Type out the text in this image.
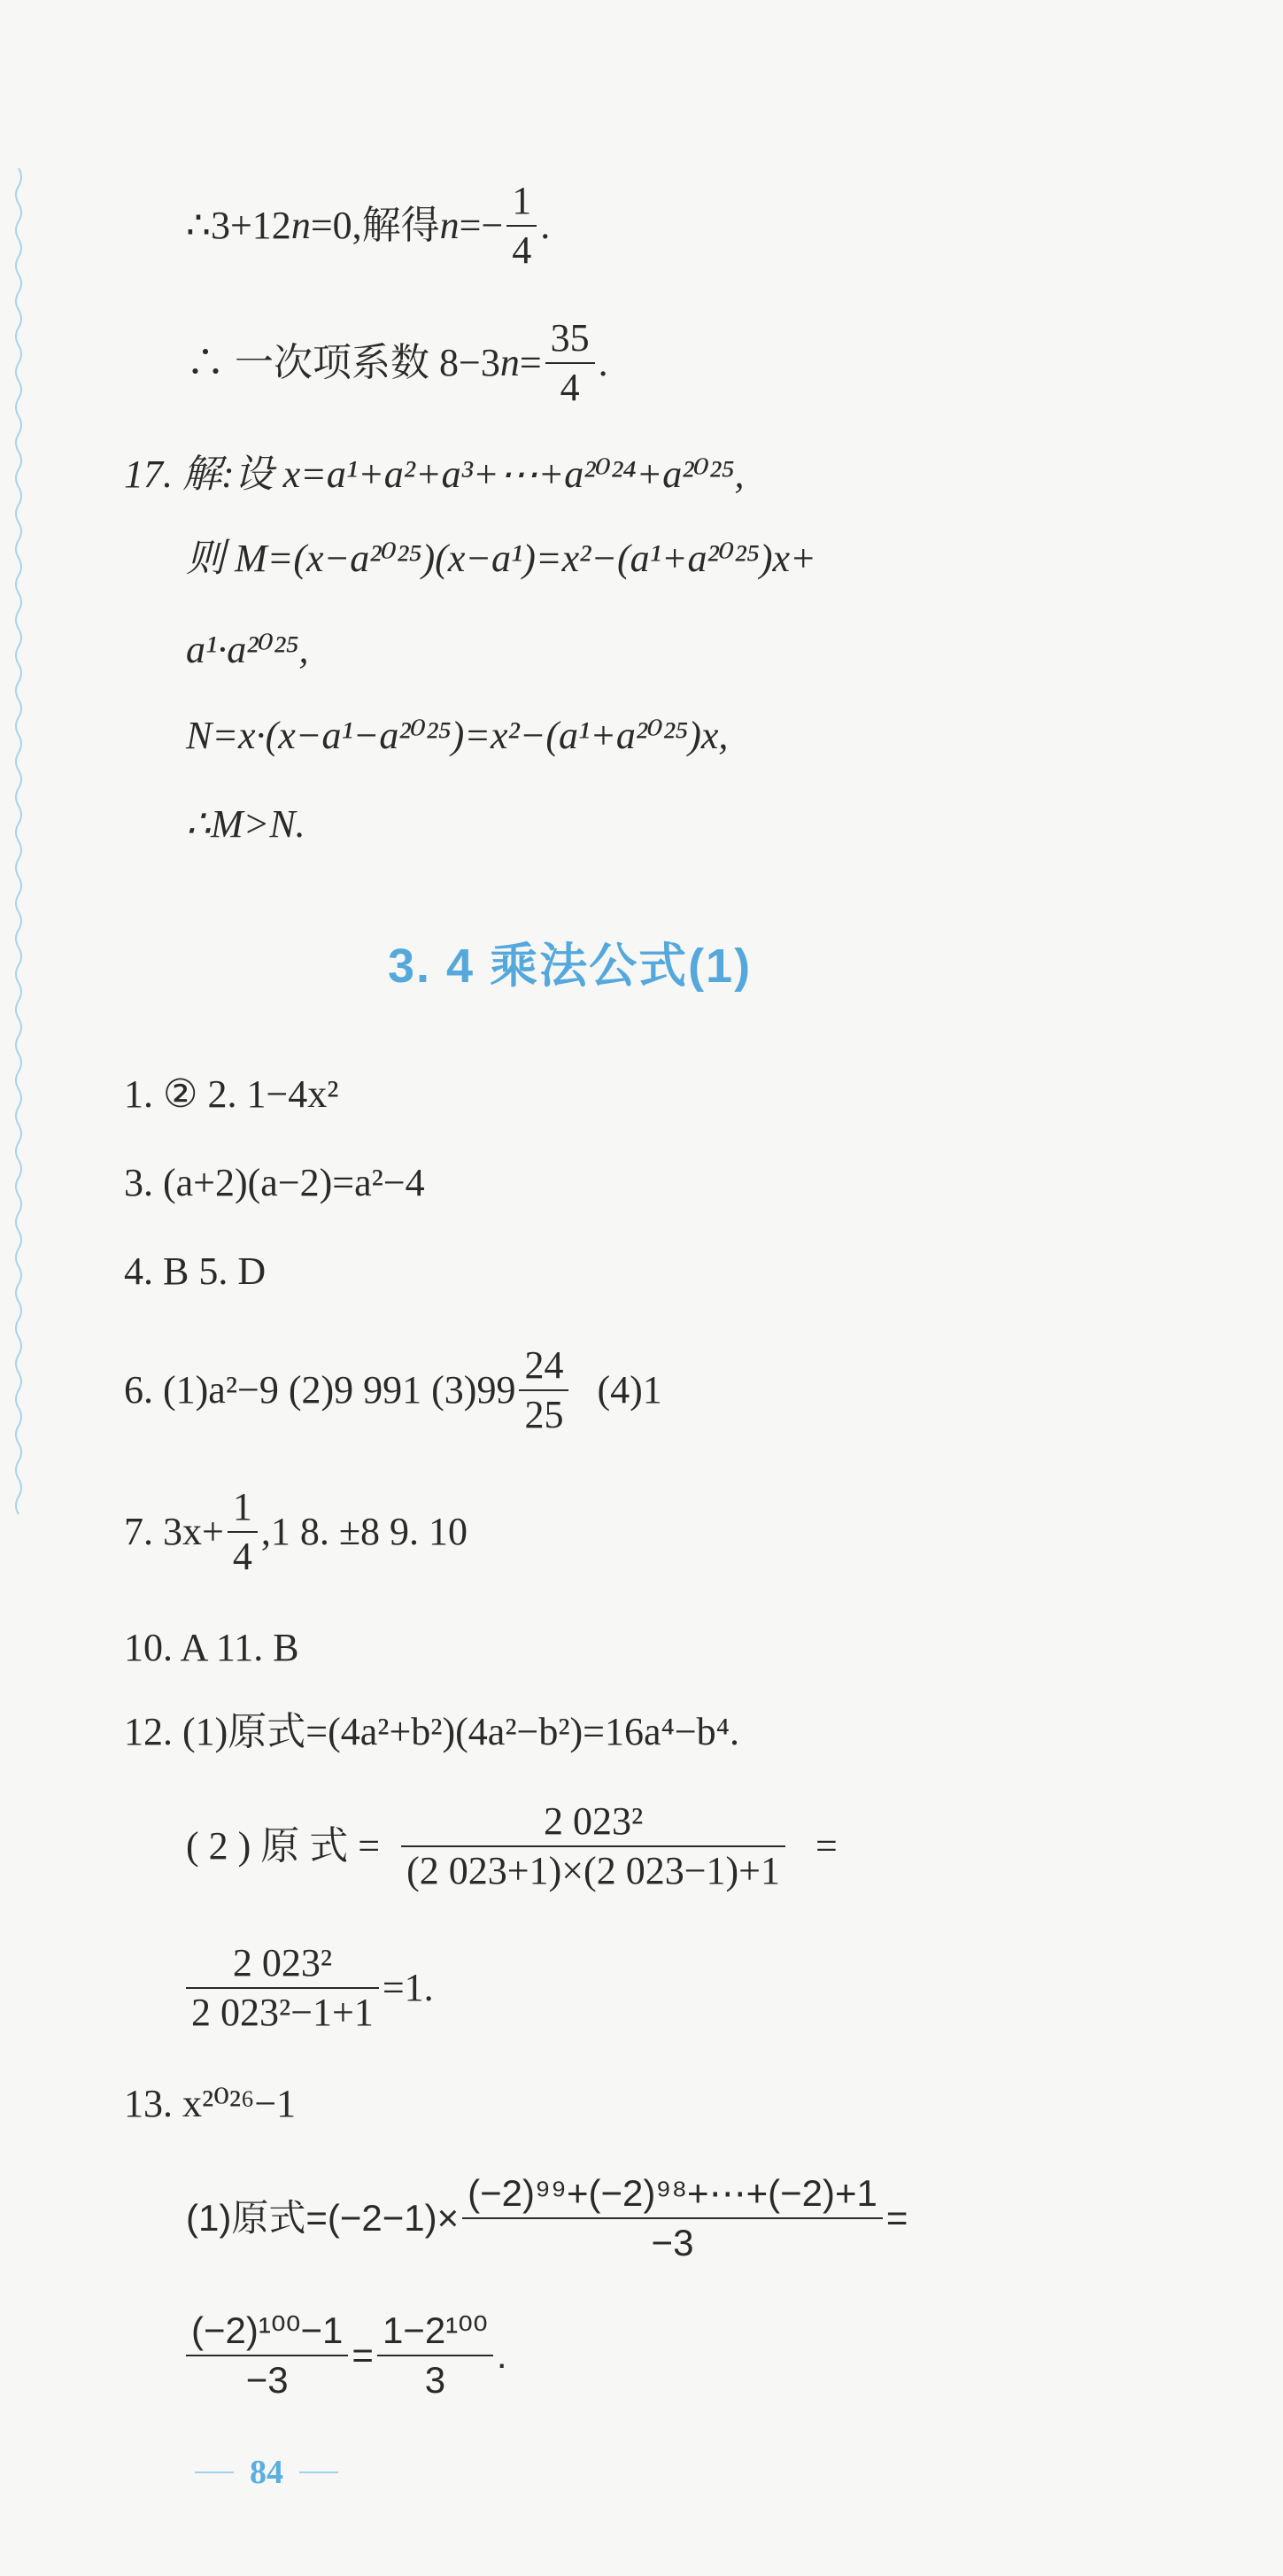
∴3+12 n =0,解得 $n =- \frac{1}{4}$ .
∴ 一次项系数 8−3 $n = \frac{35}{4}$ .
17. 解:设 x=a¹+a²+a³+⋯+a²⁰²⁴+a²⁰²⁵,
则 M=(x−a²⁰²⁵)(x−a¹)=x²−(a¹+a²⁰²⁵)x+
a¹·a²⁰²⁵,
N=x·(x−a¹−a²⁰²⁵)=x²−(a¹+a²⁰²⁵)x,
∴M>N.
3. 4 乘法公式(1)
1. ② 2. 1−4x²
3. (a+2)(a−2)=a²−4
4. B 5. D
6. (1)a²−9 (2)9 991 $(3)99 \frac{24}{25} (4)1$
7. $3x+ \frac{1}{4} ,1$ 8. ±8 9. 10
10. A 11. B
12. (1)原式=(4a²+b²)(4a²−b²)=16a⁴−b⁴.
( 2 ) 原 式 = $\frac{\text{2 023²}}{(2 023+1)\times(2 023-1)+1}$ =
$\frac{\text{2 023²}}{\text{2 023²−1+1}} =1$.
13. x²⁰²⁶−1
(1)原式$=(-2-1)\times \frac{\text{(−2)⁹⁹+(−2)⁹⁸+⋯+(−2)+1}}{-3}$ =
$\frac{\text{(−2)¹⁰⁰−1}}{-3} = \frac{\text{1−2¹⁰⁰}}{3}$ .
84
